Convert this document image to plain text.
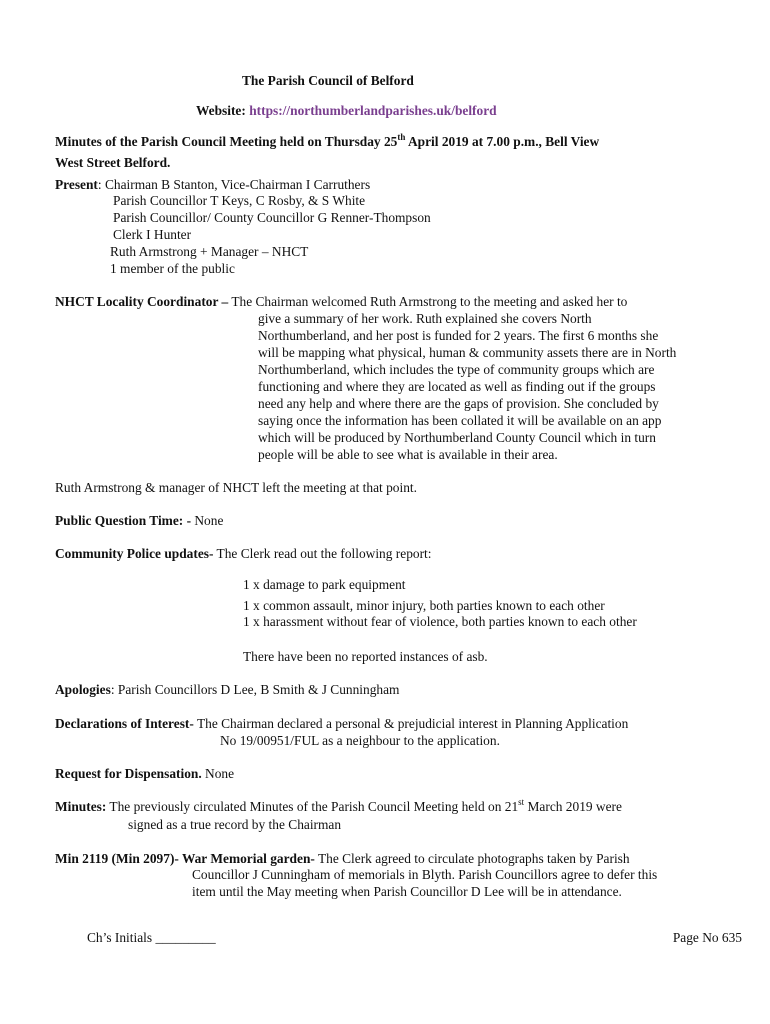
The Parish Council of Belford
Website: https://northumberlandparishes.uk/belford
Minutes of the Parish Council Meeting held on Thursday 25th April 2019 at 7.00 p.m., Bell View
West Street Belford.
Present: Chairman B Stanton, Vice-Chairman I Carruthers
Parish Councillor T Keys, C Rosby, & S White
Parish Councillor/ County Councillor G Renner-Thompson
Clerk I Hunter
Ruth Armstrong + Manager – NHCT
1 member of the public
NHCT Locality Coordinator – The Chairman welcomed Ruth Armstrong to the meeting and asked her to
give a summary of her work. Ruth explained she covers North
Northumberland, and her post is funded for 2 years. The first 6 months she
will be mapping what physical, human & community assets there are in North
Northumberland, which includes the type of community groups which are
functioning and where they are located as well as finding out if the groups
need any help and where there are the gaps of provision. She concluded by
saying once the information has been collated it will be available on an app
which will be produced by Northumberland County Council which in turn
people will be able to see what is available in their area.
Ruth Armstrong & manager of NHCT left the meeting at that point.
Public Question Time: - None
Community Police updates- The Clerk read out the following report:
1 x damage to park equipment
1 x common assault, minor injury, both parties known to each other
1 x harassment without fear of violence, both parties known to each other
There have been no reported instances of asb.
Apologies: Parish Councillors D Lee, B Smith & J Cunningham
Declarations of Interest- The Chairman declared a personal & prejudicial interest in Planning Application
No 19/00951/FUL as a neighbour to the application.
Request for Dispensation. None
Minutes: The previously circulated Minutes of the Parish Council Meeting held on 21st March 2019 were
signed as a true record by the Chairman
Min 2119 (Min 2097)- War Memorial garden- The Clerk agreed to circulate photographs taken by Parish
Councillor J Cunningham of memorials in Blyth. Parish Councillors agree to defer this
item until the May meeting when Parish Councillor D Lee will be in attendance.
Ch’s Initials _________	Page No 635
